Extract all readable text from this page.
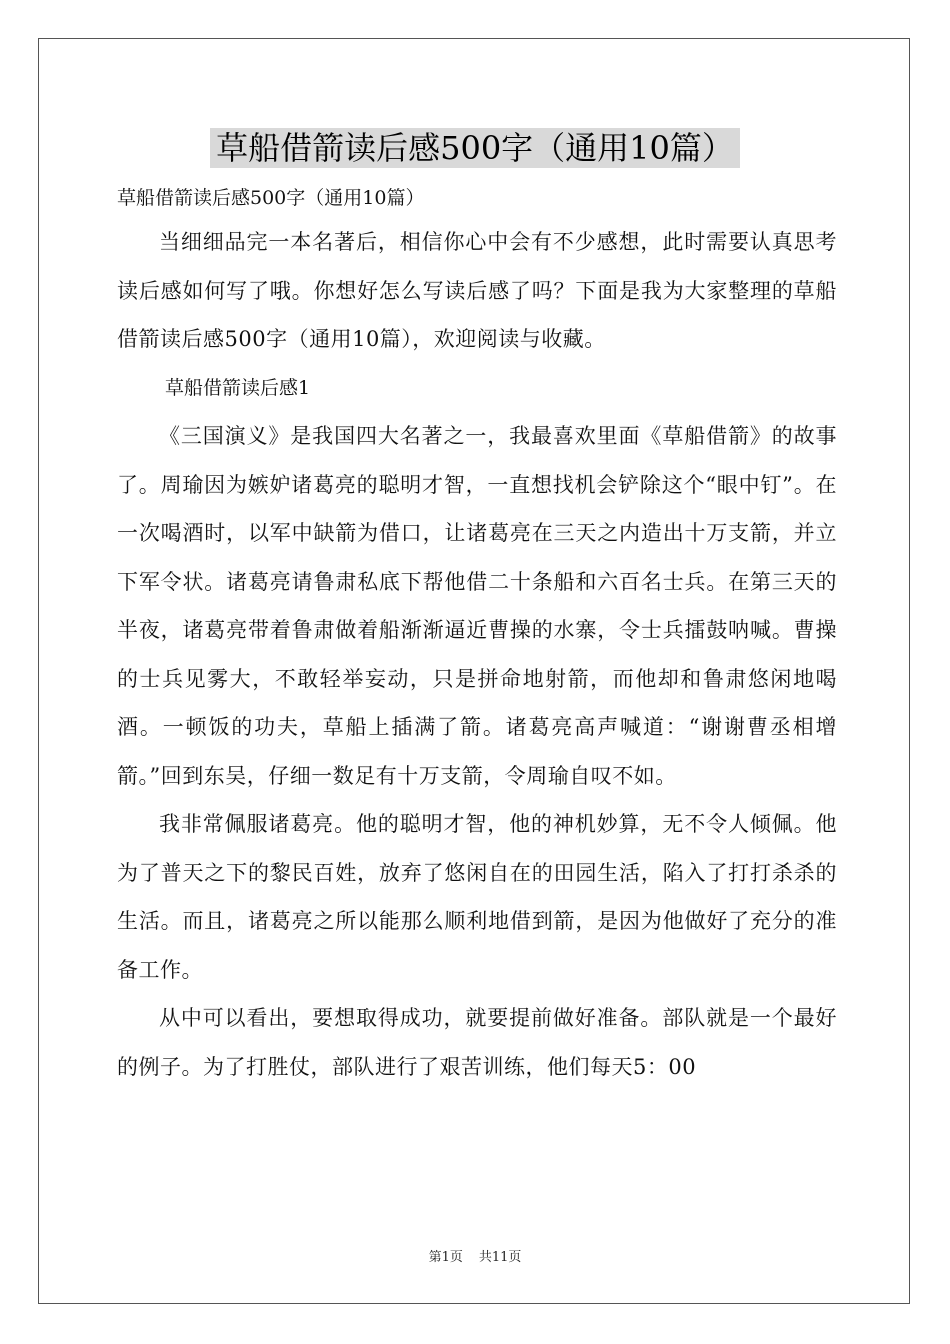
草船借箭读后感500字（通用10篇）

草船借箭读后感500字（通用10篇）

当细细品完一本名著后，相信你心中会有不少感想，此时需要认真思考读后感如何写了哦。你想好怎么写读后感了吗？下面是我为大家整理的草船借箭读后感500字（通用10篇），欢迎阅读与收藏。

草船借箭读后感1

《三国演义》是我国四大名著之一，我最喜欢里面《草船借箭》的故事了。周瑜因为嫉妒诸葛亮的聪明才智，一直想找机会铲除这个“眼中钉”。在一次喝酒时，以军中缺箭为借口，让诸葛亮在三天之内造出十万支箭，并立下军令状。诸葛亮请鲁肃私底下帮他借二十条船和六百名士兵。在第三天的半夜，诸葛亮带着鲁肃做着船渐渐逼近曹操的水寨，令士兵擂鼓呐喊。曹操的士兵见雾大，不敢轻举妄动，只是拼命地射箭，而他却和鲁肃悠闲地喝酒。一顿饭的功夫，草船上插满了箭。诸葛亮高声喊道：“谢谢曹丞相增箭。”回到东吴，仔细一数足有十万支箭，令周瑜自叹不如。

我非常佩服诸葛亮。他的聪明才智，他的神机妙算，无不令人倾佩。他为了普天之下的黎民百姓，放弃了悠闲自在的田园生活，陷入了打打杀杀的生活。而且，诸葛亮之所以能那么顺利地借到箭，是因为他做好了充分的准备工作。

从中可以看出，要想取得成功，就要提前做好准备。部队就是一个最好的例子。为了打胜仗，部队进行了艰苦训练，他们每天5：00

第1页 共11页
